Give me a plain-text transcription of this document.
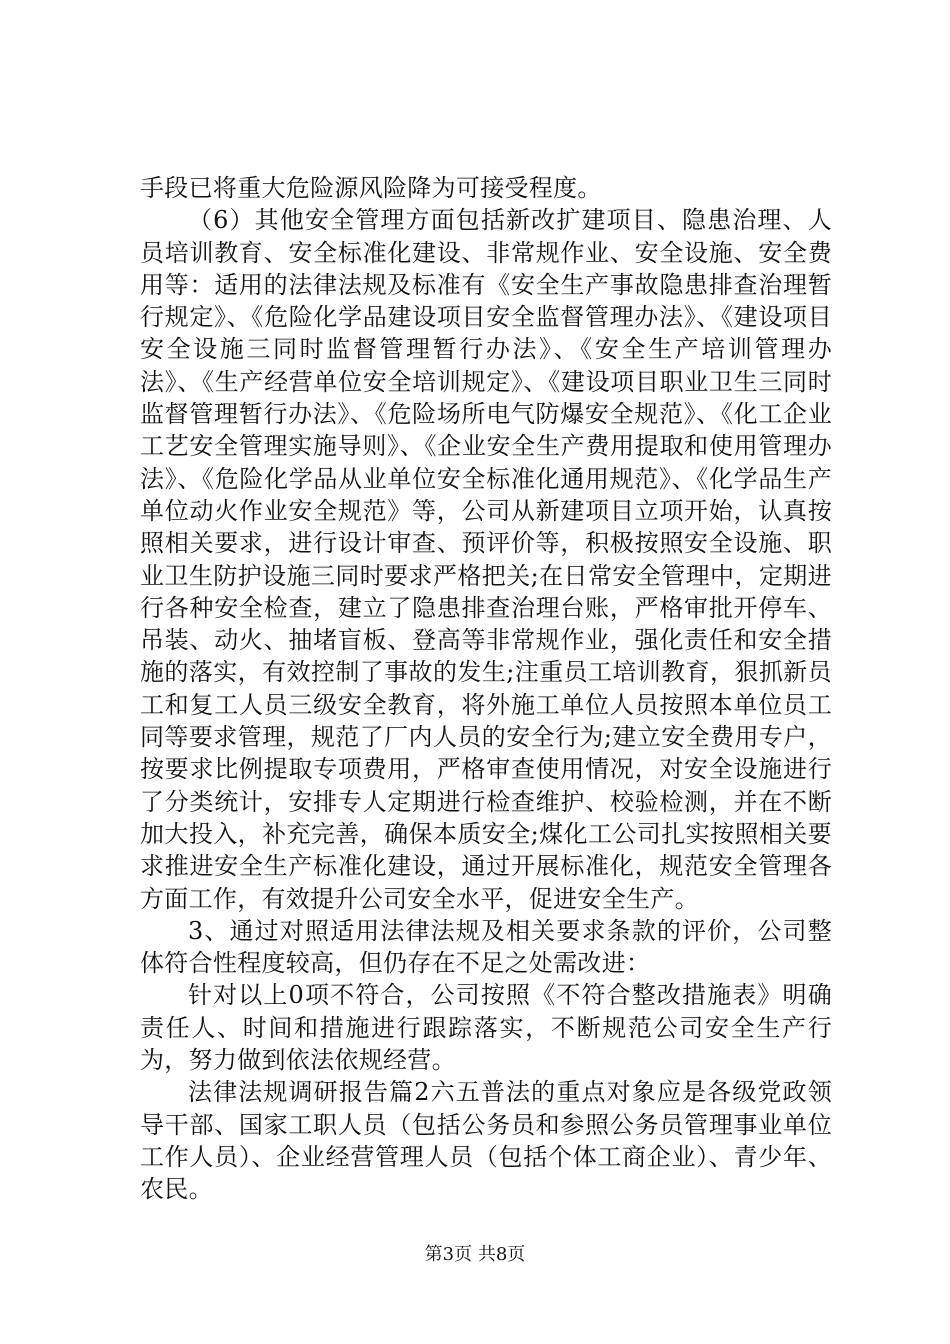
手段已将重大危险源风险降为可接受程度。

（6）其他安全管理方面包括新改扩建项目、隐患治理、人员培训教育、安全标准化建设、非常规作业、安全设施、安全费用等：适用的法律法规及标准有《安全生产事故隐患排查治理暂行规定》、《危险化学品建设项目安全监督管理办法》、《建设项目安全设施三同时监督管理暂行办法》、《安全生产培训管理办法》、《生产经营单位安全培训规定》、《建设项目职业卫生三同时监督管理暂行办法》、《危险场所电气防爆安全规范》、《化工企业工艺安全管理实施导则》、《企业安全生产费用提取和使用管理办法》、《危险化学品从业单位安全标准化通用规范》、《化学品生产单位动火作业安全规范》等，公司从新建项目立项开始，认真按照相关要求，进行设计审查、预评价等，积极按照安全设施、职业卫生防护设施三同时要求严格把关;在日常安全管理中，定期进行各种安全检查，建立了隐患排查治理台账，严格审批开停车、吊装、动火、抽堵盲板、登高等非常规作业，强化责任和安全措施的落实，有效控制了事故的发生;注重员工培训教育，狠抓新员工和复工人员三级安全教育，将外施工单位人员按照本单位员工同等要求管理，规范了厂内人员的安全行为;建立安全费用专户，按要求比例提取专项费用，严格审查使用情况，对安全设施进行了分类统计，安排专人定期进行检查维护、校验检测，并在不断加大投入，补充完善，确保本质安全;煤化工公司扎实按照相关要求推进安全生产标准化建设，通过开展标准化，规范安全管理各方面工作，有效提升公司安全水平，促进安全生产。

3、通过对照适用法律法规及相关要求条款的评价，公司整体符合性程度较高，但仍存在不足之处需改进：

针对以上0项不符合，公司按照《不符合整改措施表》明确责任人、时间和措施进行跟踪落实，不断规范公司安全生产行为，努力做到依法依规经营。

法律法规调研报告篇2六五普法的重点对象应是各级党政领导干部、国家工职人员（包括公务员和参照公务员管理事业单位工作人员）、企业经营管理人员（包括个体工商企业）、青少年、农民。

第3页 共8页
